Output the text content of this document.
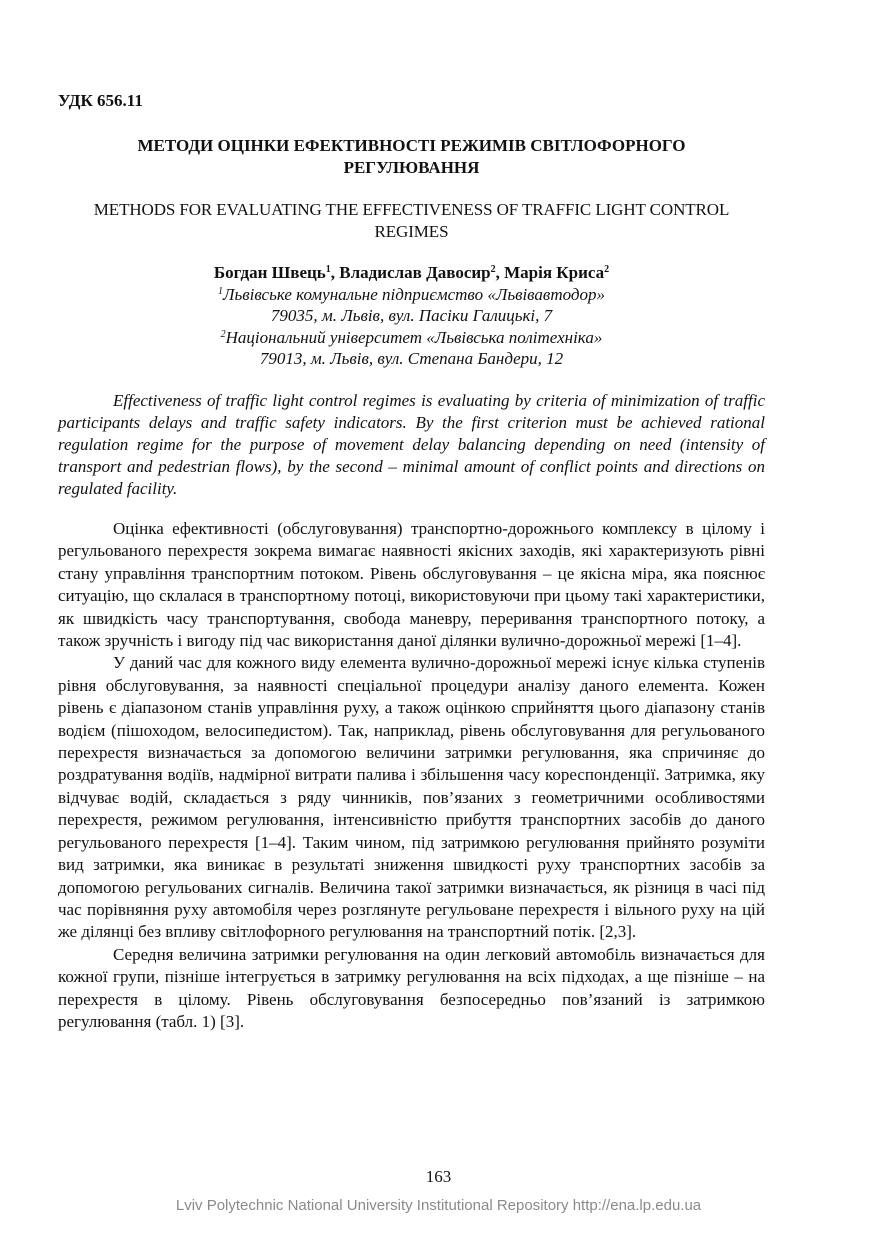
УДК 656.11
МЕТОДИ ОЦІНКИ ЕФЕКТИВНОСТІ РЕЖИМІВ СВІТЛОФОРНОГО
РЕГУЛЮВАННЯ
METHODS FOR EVALUATING THE EFFECTIVENESS OF TRAFFIC LIGHT CONTROL
REGIMES
Богдан Швець$^1$, Владислав Давосир$^2$, Марія Криса$^2$
$^1$Львівське комунальне підприємство «Львівавтодор»
79035, м. Львів, вул. Пасіки Галицькі, 7
$^2$Національний університет «Львівська політехніка»
79013, м. Львів, вул. Степана Бандери, 12
Effectiveness of traffic light control regimes is evaluating by criteria of minimization of traffic participants delays and traffic safety indicators. By the first criterion must be achieved rational regulation regime for the purpose of movement delay balancing depending on need (intensity of transport and pedestrian flows), by the second – minimal amount of conflict points and directions on regulated facility.

Оцінка ефективності (обслуговування) транспортно-дорожнього комплексу в цілому і регульованого перехрестя зокрема вимагає наявності якісних заходів, які характеризують рівні стану управління транспортним потоком. Рівень обслуговування – це якісна міра, яка пояснює ситуацію, що склалася в транспортному потоці, використовуючи при цьому такі характеристики, як швидкість часу транспортування, свобода маневру, переривання транспортного потоку, а також зручність і вигоду під час використання даної ділянки вулично-дорожньої мережі [1–4].

У даний час для кожного виду елемента вулично-дорожньої мережі існує кілька ступенів рівня обслуговування, за наявності спеціальної процедури аналізу даного елемента. Кожен рівень є діапазоном станів управління руху, а також оцінкою сприйняття цього діапазону станів водієм (пішоходом, велосипедистом). Так, наприклад, рівень обслуговування для регульованого перехрестя визначається за допомогою величини затримки регулювання, яка спричиняє до роздратування водіїв, надмірної витрати палива і збільшення часу кореспонденції. Затримка, яку відчуває водій, складається з ряду чинників, пов’язаних з геометричними особливостями перехрестя, режимом регулювання, інтенсивністю прибуття транспортних засобів до даного регульованого перехрестя [1–4]. Таким чином, під затримкою регулювання прийнято розуміти вид затримки, яка виникає в результаті зниження швидкості руху транспортних засобів за допомогою регульованих сигналів. Величина такої затримки визначається, як різниця в часі під час порівняння руху автомобіля через розглянуте регульоване перехрестя і вільного руху на цій же ділянці без впливу світлофорного регулювання на транспортний потік. [2,3].

Середня величина затримки регулювання на один легковий автомобіль визначається для кожної групи, пізніше інтегрується в затримку регулювання на всіх підходах, а ще пізніше – на перехрестя в цілому. Рівень обслуговування безпосередньо пов’язаний із затримкою регулювання (табл. 1) [3].

163
Lviv Polytechnic National University Institutional Repository http://ena.lp.edu.ua
